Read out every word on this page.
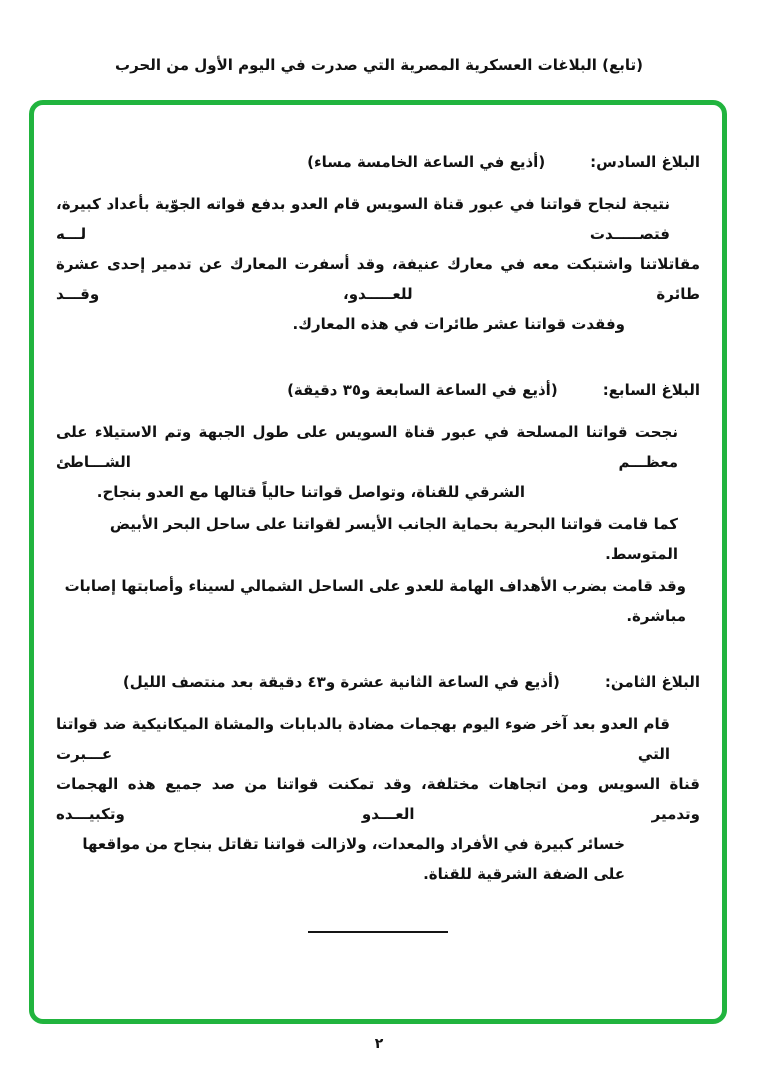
(تابع) البلاغات العسكرية المصرية التي صدرت في اليوم الأول من الحرب
البلاغ السادس:
(أذيع في الساعة الخامسة مساء)
نتيجة لنجاح قواتنا في عبور قناة السويس قام العدو بدفع قواته الجوّية بأعداد كبيرة، فتصـــــدت لـــه
مقاتلاتنا واشتبكت معه في معارك عنيفة، وقد أسفرت المعارك عن تدمير إحدى عشرة طائرة للعـــــدو، وقـــد
وفقدت قواتنا عشر طائرات في هذه المعارك.
البلاغ السابع:
(أذيع في الساعة السابعة و٣٥ دقيقة)
نجحت قواتنا المسلحة في عبور قناة السويس على طول الجبهة وتم الاستيلاء على معظـــم الشـــاطئ
الشرقي للقناة، وتواصل قواتنا حالياً قتالها مع العدو بنجاح.
كما قامت قواتنا البحرية بحماية الجانب الأيسر لقواتنا على ساحل البحر الأبيض المتوسط.
وقد قامت بضرب الأهداف الهامة للعدو على الساحل الشمالي لسيناء وأصابتها إصابات مباشرة.
البلاغ الثامن:
(أذيع في الساعة الثانية عشرة و٤٣ دقيقة بعد منتصف الليل)
قام العدو بعد آخر ضوء اليوم بهجمات مضادة بالدبابات والمشاة الميكانيكية ضد قواتنا التي عـــبرت
قناة السويس ومن اتجاهات مختلفة، وقد تمكنت قواتنا من صد جميع هذه الهجمات وتدمير العـــدو وتكبيـــده
خسائر كبيرة في الأفراد والمعدات، ولازالت قواتنا تقاتل بنجاح من مواقعها على الضفة الشرقية للقناة.
٢
